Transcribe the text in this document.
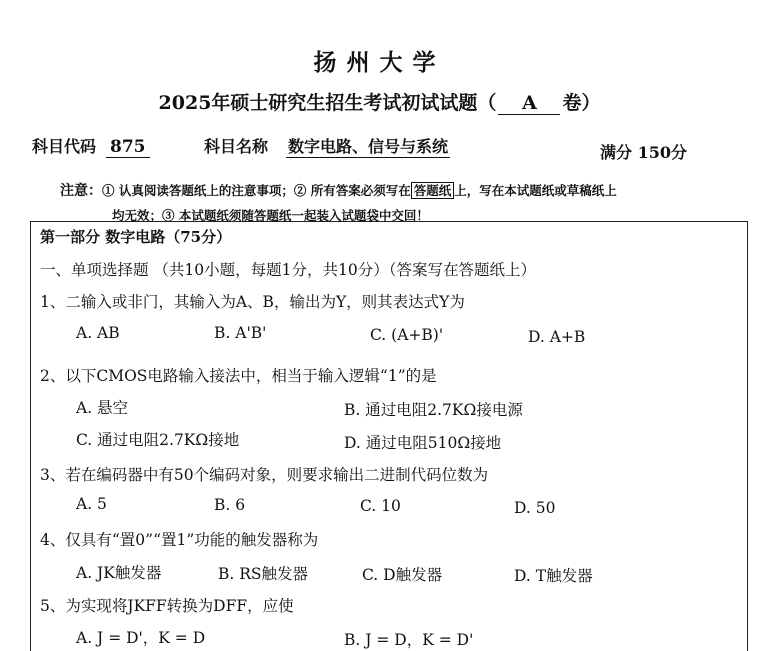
扬州大学
2025年硕士研究生招生考试初试试题（ A 卷）
科目代码 875	科目名称 数字电路、信号与系统	满分 150分
注意：① 认真阅读答题纸上的注意事项；② 所有答案必须写在 答题纸 上，写在本试题纸或草稿纸上
均无效；③ 本试题纸须随答题纸一起装入试题袋中交回！
第一部分 数字电路（75分）
一、单项选择题 （共10小题，每题1分，共10分）（答案写在答题纸上）
1、二输入或非门，其输入为A、B，输出为Y，则其表达式Y为
A. AB	B. A'B'	C. (A+B)'	D. A+B
2、以下CMOS电路输入接法中，相当于输入逻辑“1”的是
A. 悬空	B. 通过电阻2.7KΩ接电源
C. 通过电阻2.7KΩ接地	D. 通过电阻510Ω接地
3、若在编码器中有50个编码对象，则要求输出二进制代码位数为
A. 5	B. 6	C. 10	D. 50
4、仅具有“置0”“置1”功能的触发器称为
A. JK触发器	B. RS触发器	C. D触发器	D. T触发器
5、为实现将JKFF转换为DFF，应使
A. J = D'，K = D	B. J = D，K = D'
